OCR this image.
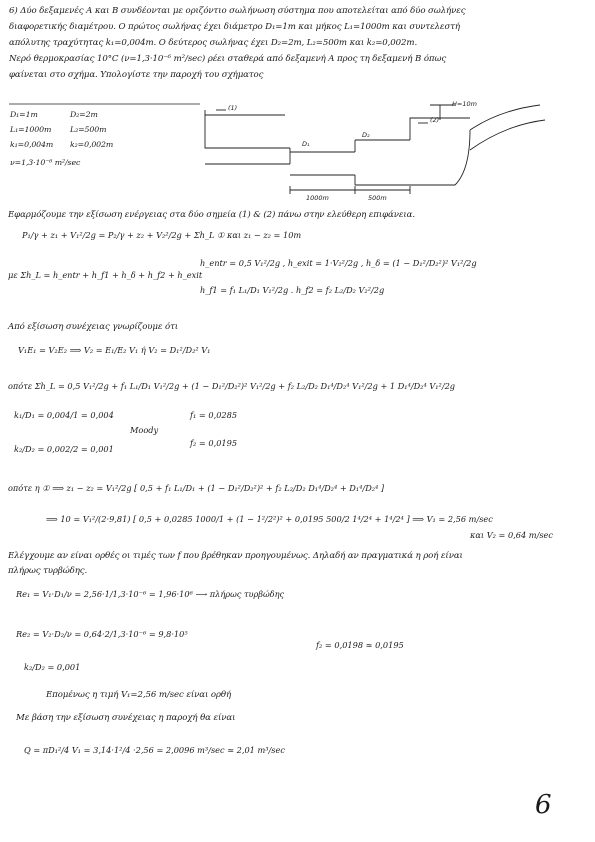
6) Δύο δεξαμενές Α και Β συνδέονται με οριζόντιο σωλήνωση σύστημα που αποτελείται από δύο σωλήνες
διαφορετικής διαμέτρου. Ο πρώτος σωλήνας έχει διάμετρο D₁=1m και μήκος L₁=1000m και συντελεστή
απόλυτης τραχύτητας k₁=0,004m. Ο δεύτερος σωλήνας έχει D₂=2m, L₂=500m και k₂=0,002m.
Νερό θερμοκρασίας 10°C (ν=1,3·10⁻⁶ m²/sec) ρέει σταθερά από δεξαμενή Α προς τη δεξαμενή Β όπως
φαίνεται στο σχήμα. Υπολογίστε την παροχή του σχήματος
D₁=1m	D₂=2m
L₁=1000m L₂=500m
k₁=0,004m k₂=0,002m
ν=1,3·10⁻⁶ m²/sec
(1)
(2)
D₁
D₂
H=10m
1000m	500m
Εφαρμόζουμε την εξίσωση ενέργειας στα δύο σημεία (1) & (2) πάνω στην ελεύθερη επιφάνεια.
P₁/γ + z₁ + V₁²/2g = P₂/γ + z₂ + V₂²/2g + Σh_L ① και z₁ − z₂ = 10m
h_entr = 0,5 V₁²/2g , h_exit = 1·V₂²/2g , h_δ = (1 − D₁²/D₂²)² V₁²/2g
με Σh_L = h_entr + h_f1 + h_δ + h_f2 + h_exit
h_f1 = f₁ L₁/D₁ V₁²/2g . h_f2 = f₂ L₂/D₂ V₂²/2g
Από εξίσωση συνέχειας γνωρίζουμε ότι
V₁E₁ = V₂E₂ ⟹ V₂ = E₁/E₂ V₁ ή V₂ = D₁²/D₂² V₁
οπότε Σh_L = 0,5 V₁²/2g + f₁ L₁/D₁ V₁²/2g + (1 − D₁²/D₂²)² V₁²/2g + f₂ L₂/D₂ D₁⁴/D₂⁴ V₁²/2g + 1 D₁⁴/D₂⁴ V₁²/2g
k₁/D₁ = 0,004/1 = 0,004
k₂/D₂ = 0,002/2 = 0,001
Moody
f₁ = 0,0285
f₂ = 0,0195
οπότε η ① ⟹ z₁ − z₂ = V₁²/2g [ 0,5 + f₁ L₁/D₁ + (1 − D₁²/D₂²)² + f₂ L₂/D₂ D₁⁴/D₂⁴ + D₁⁴/D₂⁴ ]
⟹ 10 = V₁²/(2·9,81) [ 0,5 + 0,0285 1000/1 + (1 − 1²/2²)² + 0,0195 500/2 1⁴/2⁴ + 1⁴/2⁴ ] ⟹ V₁ = 2,56 m/sec
και V₂ = 0,64 m/sec
Ελέγχουμε αν είναι ορθές οι τιμές των f που βρέθηκαν προηγουμένως. Δηλαδή αν πραγματικά η ροή είναι
πλήρως τυρβώδης.
Re₁ = V₁·D₁/ν = 2,56·1/1,3·10⁻⁶ = 1,96·10⁶ ⟶ πλήρως τυρβώδης
Re₂ = V₂·D₂/ν = 0,64·2/1,3·10⁻⁶ = 9,8·10⁵
k₂/D₂ = 0,001
f₂ = 0,0198 ≃ 0,0195
Επομένως η τιμή V₁=2,56 m/sec είναι ορθή
Με βάση την εξίσωση συνέχειας η παροχή θα είναι
Q = πD₁²/4 V₁ = 3,14·1²/4 ·2,56 = 2,0096 m³/sec ≃ 2,01 m³/sec
6
